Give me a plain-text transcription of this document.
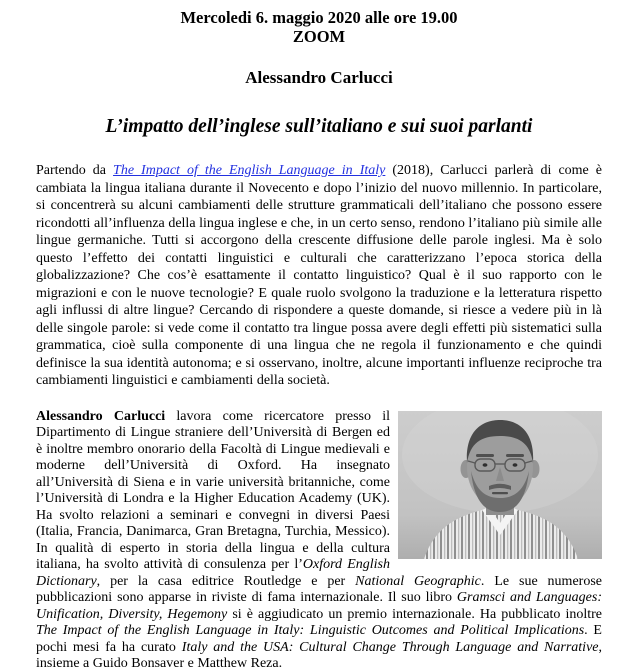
Mercoledi 6. maggio 2020 alle ore 19.00
ZOOM
Alessandro Carlucci
L’impatto dell’inglese sull’italiano e sui suoi parlanti

Partendo da The Impact of the English Language in Italy (2018), Carlucci parlerà di come è cambiata la lingua italiana durante il Novecento e dopo l’inizio del nuovo millennio. In particolare, si concentrerà su alcuni cambiamenti delle strutture grammaticali dell’italiano che possono essere ricondotti all’influenza della lingua inglese e che, in un certo senso, rendono l’italiano più simile alle lingue germaniche. Tutti si accorgono della crescente diffusione delle parole inglesi. Ma è solo questo l’effetto dei contatti linguistici e culturali che caratterizzano l’epoca storica della globalizzazione? Che cos’è esattamente il contatto linguistico? Qual è il suo rapporto con le migrazioni e con le nuove tecnologie? E quale ruolo svolgono la traduzione e la letteratura rispetto agli influssi di altre lingue? Cercando di rispondere a queste domande, si riesce a vedere più in là delle singole parole: si vede come il contatto tra lingue possa avere degli effetti più sistematici sulla grammatica, cioè sulla componente di una lingua che ne regola il funzionamento e che quindi definisce la sua identità autonoma; e si osservano, inoltre, alcune importanti influenze reciproche tra cambiamenti linguistici e cambiamenti della società.

Alessandro Carlucci lavora come ricercatore presso il Dipartimento di Lingue straniere dell’Università di Bergen ed è inoltre membro onorario della Facoltà di Lingue medievali e moderne dell’Università di Oxford. Ha insegnato all’Università di Siena e in varie università britanniche, come l’Università di Londra e la Higher Education Academy (UK). Ha svolto relazioni a seminari e convegni in diversi Paesi (Italia, Francia, Danimarca, Gran Bretagna, Turchia, Messico). In qualità di esperto in storia della lingua e della cultura italiana, ha svolto attività di consulenza per l’Oxford English Dictionary, per la casa editrice Routledge e per National Geographic. Le sue numerose pubblicazioni sono apparse in riviste di fama internazionale. Il suo libro Gramsci and Languages: Unification, Diversity, Hegemony si è aggiudicato un premio internazionale. Ha pubblicato inoltre The Impact of the English Language in Italy: Linguistic Outcomes and Political Implications. E pochi mesi fa ha curato Italy and the USA: Cultural Change Through Language and Narrative, insieme a Guido Bonsaver e Matthew Reza.
